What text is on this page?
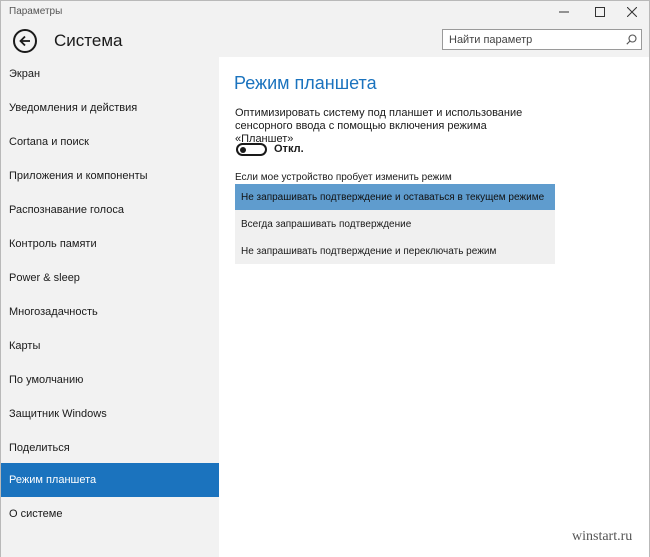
Параметры
Система
Найти параметр
Экран
Уведомления и действия
Cortana и поиск
Приложения и компоненты
Распознавание голоса
Контроль памяти
Power & sleep
Многозадачность
Карты
По умолчанию
Защитник Windows
Поделиться
Режим планшета
О системе
Режим планшета
Оптимизировать систему под планшет и использование сенсорного ввода с помощью включения режима «Планшет»
Откл.
Если мое устройство пробует изменить режим
Не запрашивать подтверждение и оставаться в текущем режиме
Всегда запрашивать подтверждение
Не запрашивать подтверждение и переключать режим
winstart.ru
